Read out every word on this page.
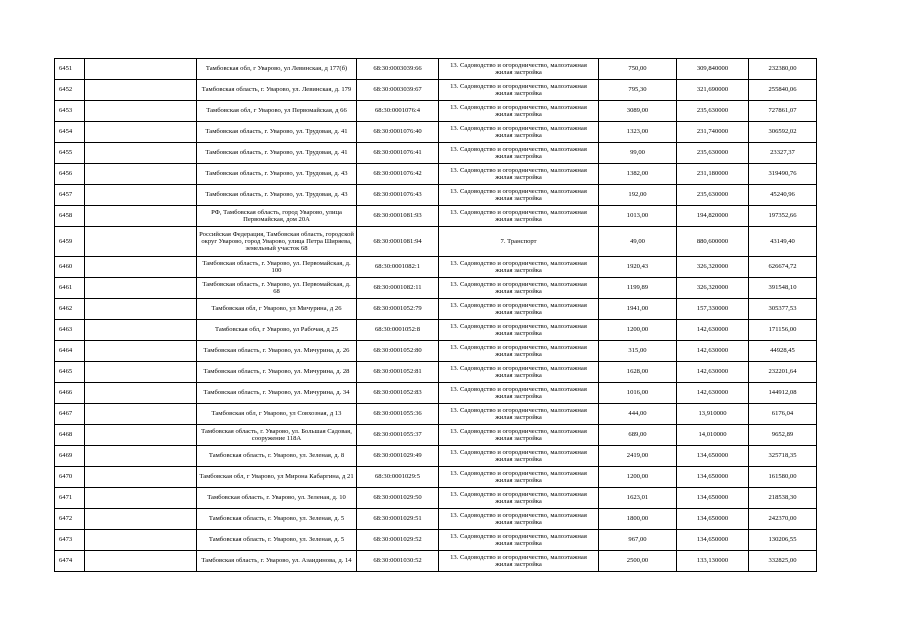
6451		Тамбовская обл, г Уварово, ул Левинская, д 177(б)	68:30:0003039:66	13. Садоводство и огородничество, малоэтажная жилая застройка	750,00	309,840000	232380,00
6452		Тамбовская область, г. Уварово, ул. Левинская, д. 179	68:30:0003039:67	13. Садоводство и огородничество, малоэтажная жилая застройка	795,30	321,690000	255840,06
6453		Тамбовская обл, г Уварово, ул Первомайская, д 66	68:30:0001076:4	13. Садоводство и огородничество, малоэтажная жилая застройка	3089,00	235,630000	727861,07
6454		Тамбовская область, г. Уварово, ул. Трудовая, д. 41	68:30:0001076:40	13. Садоводство и огородничество, малоэтажная жилая застройка	1323,00	231,740000	306592,02
6455		Тамбовская область, г. Уварово, ул. Трудовая, д. 41	68:30:0001076:41	13. Садоводство и огородничество, малоэтажная жилая застройка	99,00	235,630000	23327,37
6456		Тамбовская область, г. Уварово, ул. Трудовая, д. 43	68:30:0001076:42	13. Садоводство и огородничество, малоэтажная жилая застройка	1382,00	231,180000	319490,76
6457		Тамбовская область, г. Уварово, ул. Трудовая, д. 43	68:30:0001076:43	13. Садоводство и огородничество, малоэтажная жилая застройка	192,00	235,630000	45240,96
6458		РФ, Тамбовская область, город Уварово, улица Первомайская, дом 20А	68:30:0001081:93	13. Садоводство и огородничество, малоэтажная жилая застройка	1013,00	194,820000	197352,66
6459		Российская Федерация, Тамбовская область, городской округ Уварово, город Уварово, улица Петра Ширяева, земельный участок 68	68:30:0001081:94	7. Транспорт	49,00	880,600000	43149,40
6460		Тамбовская область, г. Уварово, ул. Первомайская, д. 100	68:30:0001082:1	13. Садоводство и огородничество, малоэтажная жилая застройка	1920,43	326,320000	626674,72
6461		Тамбовская область, г. Уварово, ул. Первомайская, д. 68	68:30:0001082:11	13. Садоводство и огородничество, малоэтажная жилая застройка	1199,89	326,320000	391548,10
6462		Тамбовская обл, г Уварово, ул Мичурина, д 26	68:30:0001052:79	13. Садоводство и огородничество, малоэтажная жилая застройка	1941,00	157,330000	305377,53
6463		Тамбовская обл, г Уварово, ул Рабочая, д 25	68:30:0001052:8	13. Садоводство и огородничество, малоэтажная жилая застройка	1200,00	142,630000	171156,00
6464		Тамбовская область, г. Уварово, ул. Мичурина, д. 26	68:30:0001052:80	13. Садоводство и огородничество, малоэтажная жилая застройка	315,00	142,630000	44928,45
6465		Тамбовская область, г. Уварово, ул. Мичурина, д. 28	68:30:0001052:81	13. Садоводство и огородничество, малоэтажная жилая застройка	1628,00	142,630000	232201,64
6466		Тамбовская область, г. Уварово, ул. Мичурина, д. 34	68:30:0001052:83	13. Садоводство и огородничество, малоэтажная жилая застройка	1016,00	142,630000	144912,08
6467		Тамбовская обл, г Уварово, ул Совхозная, д 13	68:30:0001055:36	13. Садоводство и огородничество, малоэтажная жилая застройка	444,00	13,910000	6176,04
6468		Тамбовская область, г. Уварово, ул. Большая Садовая, сооружение 118А	68:30:0001055:37	13. Садоводство и огородничество, малоэтажная жилая застройка	689,00	14,010000	9652,89
6469		Тамбовская область, г. Уварово, ул. Зеленая, д. 8	68:30:0001029:49	13. Садоводство и огородничество, малоэтажная жилая застройка	2419,00	134,650000	325718,35
6470		Тамбовская обл, г Уварово, ул Мирона Кабаргина, д 21	68:30:0001029:5	13. Садоводство и огородничество, малоэтажная жилая застройка	1200,00	134,650000	161580,00
6471		Тамбовская область, г. Уварово, ул. Зеленая, д. 10	68:30:0001029:50	13. Садоводство и огородничество, малоэтажная жилая застройка	1623,01	134,650000	218538,30
6472		Тамбовская область, г. Уварово, ул. Зеленая, д. 5	68:30:0001029:51	13. Садоводство и огородничество, малоэтажная жилая застройка	1800,00	134,650000	242370,00
6473		Тамбовская область, г. Уварово, ул. Зеленая, д. 5	68:30:0001029:52	13. Садоводство и огородничество, малоэтажная жилая застройка	967,00	134,650000	130206,55
6474		Тамбовская область, г. Уварово, ул. Азаидинова, д. 14	68:30:0001030:52	13. Садоводство и огородничество, малоэтажная жилая застройка	2500,00	133,130000	332825,00
